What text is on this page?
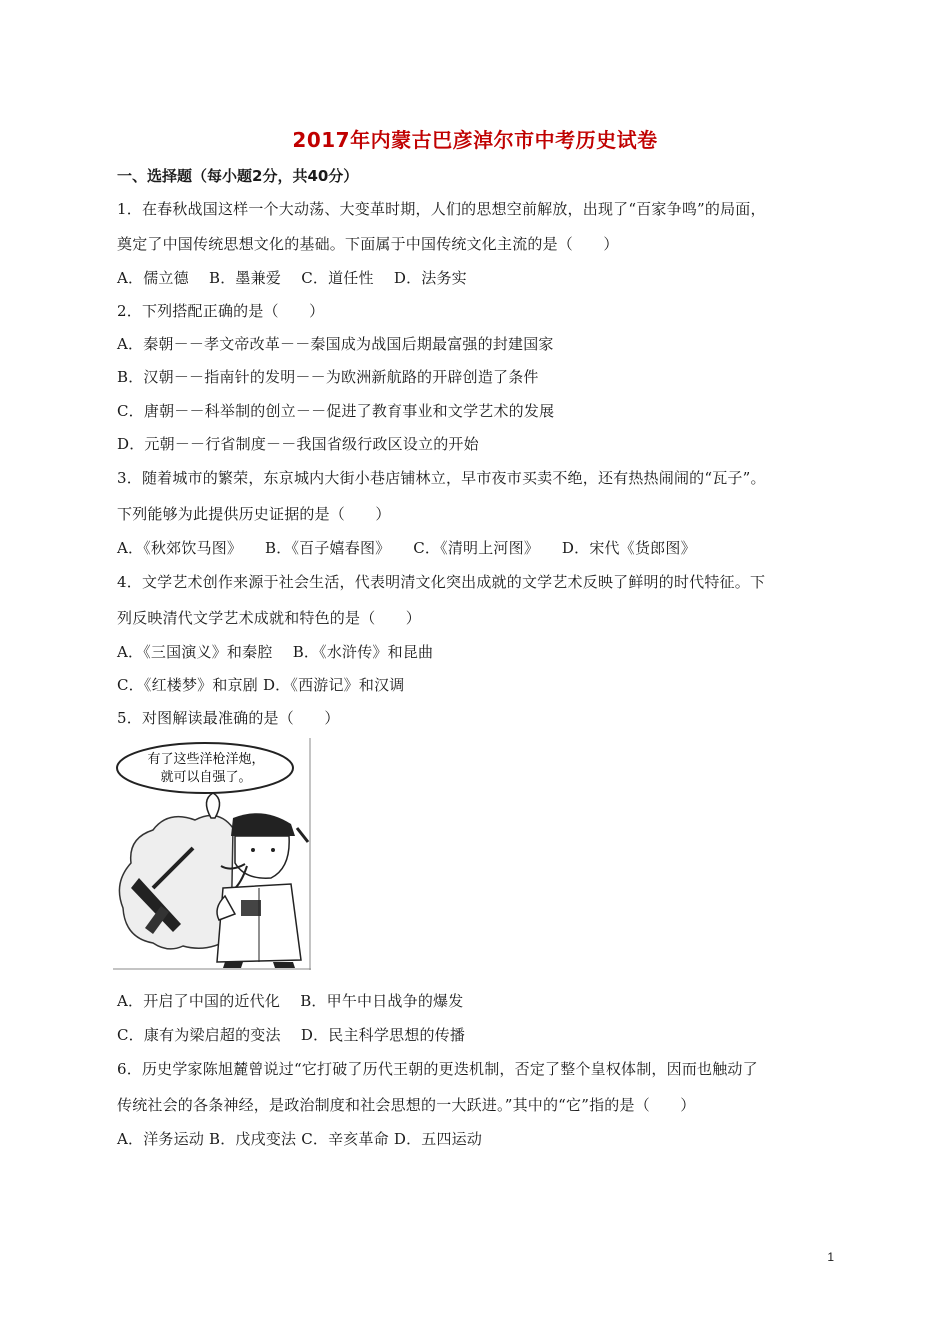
2017年内蒙古巴彦淖尔市中考历史试卷
一、选择题（每小题2分，共40分）
1．在春秋战国这样一个大动荡、大变革时期，人们的思想空前解放，出现了“百家争鸣”的局面，
奠定了中国传统思想文化的基础。下面属于中国传统文化主流的是（　　）
A．儒立德　 B．墨兼爱　 C．道任性　 D．法务实
2．下列搭配正确的是（　　）
A．秦朝－－孝文帝改革－－秦国成为战国后期最富强的封建国家
B．汉朝－－指南针的发明－－为欧洲新航路的开辟创造了条件
C．唐朝－－科举制的创立－－促进了教育事业和文学艺术的发展
D．元朝－－行省制度－－我国省级行政区设立的开始
3．随着城市的繁荣，东京城内大街小巷店铺林立，早市夜市买卖不绝，还有热热闹闹的“瓦子”。
下列能够为此提供历史证据的是（　　）
A．《秋郊饮马图》　　B．《百子嬉春图》　　C．《清明上河图》　　D．宋代《货郎图》
4．文学艺术创作来源于社会生活，代表明清文化突出成就的文学艺术反映了鲜明的时代特征。下
列反映清代文学艺术成就和特色的是（　　）
A．《三国演义》和秦腔　 B．《水浒传》和昆曲
C．《红楼梦》和京剧 D．《西游记》和汉调
5．对图解读最准确的是（　　）
有了这些洋枪洋炮，
就可以自强了。
A．开启了中国的近代化　 B．甲午中日战争的爆发
C．康有为梁启超的变法　 D．民主科学思想的传播
6．历史学家陈旭麓曾说过“它打破了历代王朝的更迭机制，否定了整个皇权体制，因而也触动了
传统社会的各条神经，是政治制度和社会思想的一大跃进。”其中的“它”指的是（　　）
A．洋务运动 B．戊戌变法 C．辛亥革命 D．五四运动
1
